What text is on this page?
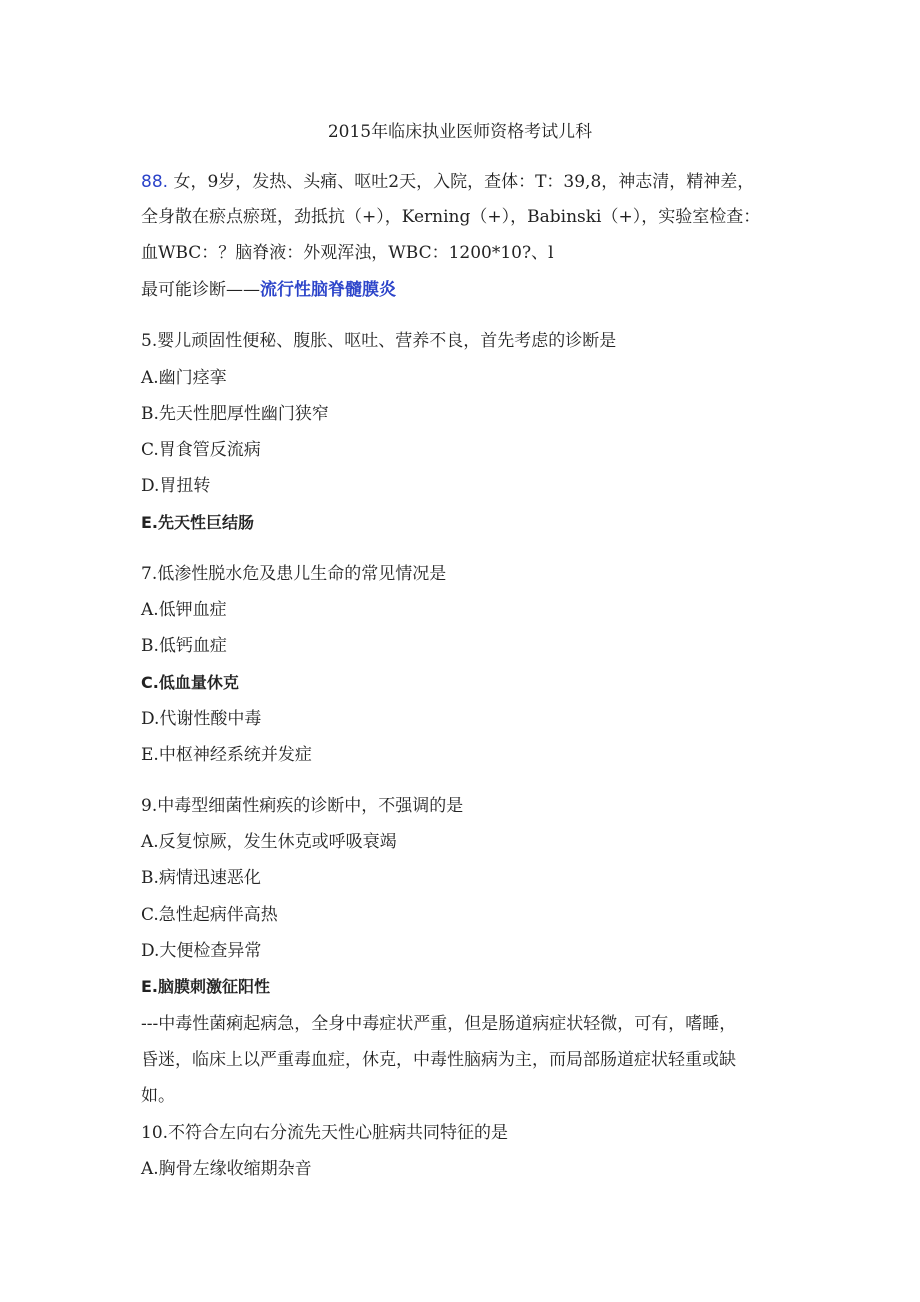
2015年临床执业医师资格考试儿科
88. 女，9岁，发热、头痛、呕吐2天，入院，查体：T：39,8，神志清，精神差，
全身散在瘀点瘀斑，劲抵抗（+），Kerning（+），Babinski（+），实验室检查：
血WBC：？脑脊液：外观浑浊，WBC：1200*10?、l
最可能诊断——流行性脑脊髓膜炎
5.婴儿顽固性便秘、腹胀、呕吐、营养不良，首先考虑的诊断是
A.幽门痉挛
B.先天性肥厚性幽门狭窄
C.胃食管反流病
D.胃扭转
E.先天性巨结肠
7.低渗性脱水危及患儿生命的常见情况是
A.低钾血症
B.低钙血症
C.低血量休克
D.代谢性酸中毒
E.中枢神经系统并发症
9.中毒型细菌性痢疾的诊断中，不强调的是
A.反复惊厥，发生休克或呼吸衰竭
B.病情迅速恶化
C.急性起病伴高热
D.大便检查异常
E.脑膜刺激征阳性
---中毒性菌痢起病急，全身中毒症状严重，但是肠道病症状轻微，可有，嗜睡，
昏迷，临床上以严重毒血症，休克，中毒性脑病为主，而局部肠道症状轻重或缺
如。
10.不符合左向右分流先天性心脏病共同特征的是
A.胸骨左缘收缩期杂音
